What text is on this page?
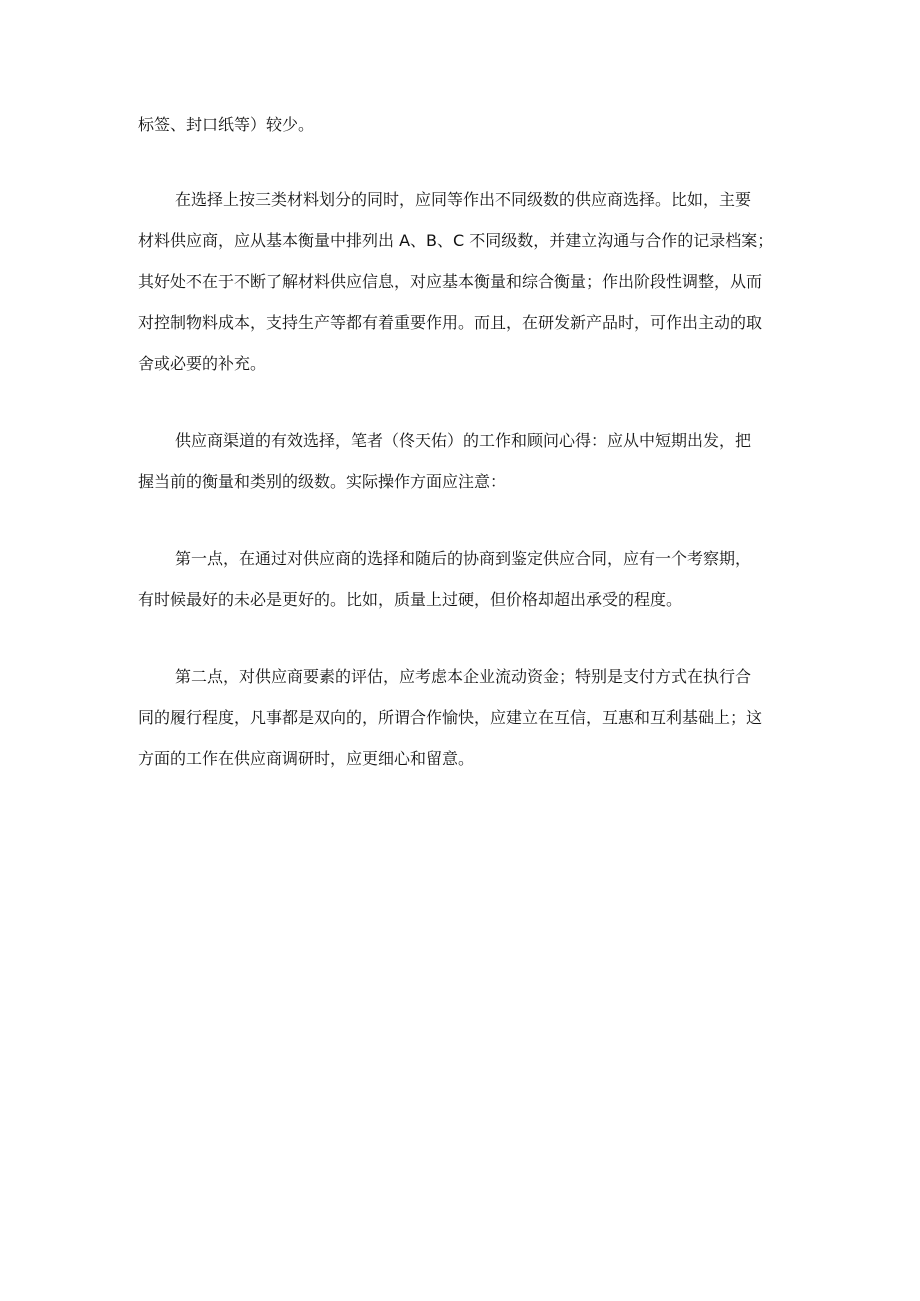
标签、封口纸等）较少。
在选择上按三类材料划分的同时，应同等作出不同级数的供应商选择。比如，主要
材料供应商，应从基本衡量中排列出 A、B、C 不同级数，并建立沟通与合作的记录档案；
其好处不在于不断了解材料供应信息，对应基本衡量和综合衡量；作出阶段性调整，从而
对控制物料成本，支持生产等都有着重要作用。而且，在研发新产品时，可作出主动的取
舍或必要的补充。
供应商渠道的有效选择，笔者（佟天佑）的工作和顾问心得：应从中短期出发，把
握当前的衡量和类别的级数。实际操作方面应注意：
第一点，在通过对供应商的选择和随后的协商到鉴定供应合同，应有一个考察期，
有时候最好的未必是更好的。比如，质量上过硬，但价格却超出承受的程度。
第二点，对供应商要素的评估，应考虑本企业流动资金；特别是支付方式在执行合
同的履行程度，凡事都是双向的，所谓合作愉快，应建立在互信，互惠和互利基础上；这
方面的工作在供应商调研时，应更细心和留意。
